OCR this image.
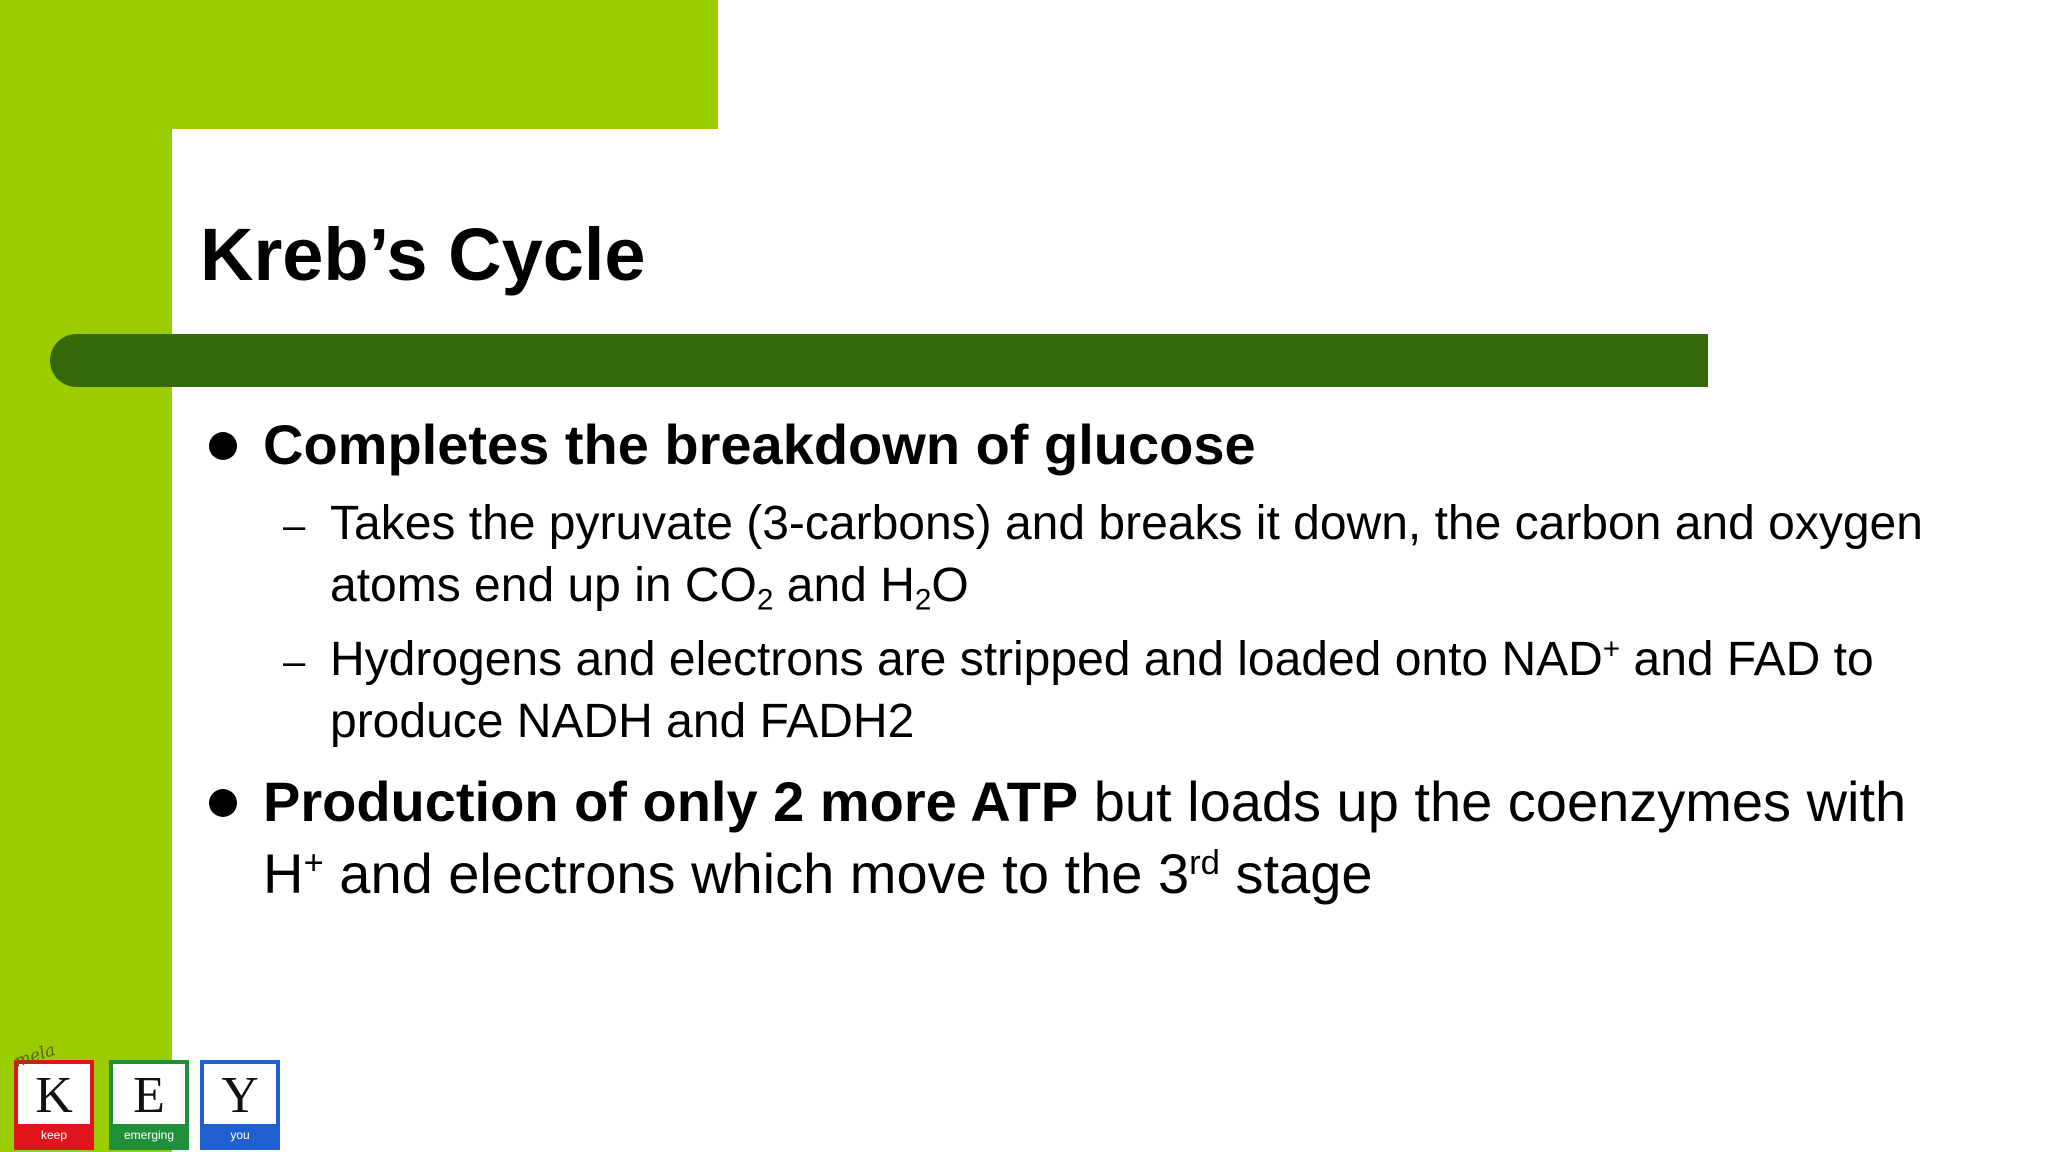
Kreb’s Cycle

Completes the breakdown of glucose

– Takes the pyruvate (3-carbons) and breaks it down, the carbon and oxygen

atoms end up in $CO_2$ and $H_2O$

– Hydrogens and electrons are stripped and loaded onto NAD+ and FAD to

produce NADH and FADH2

Production of only 2 more ATP but loads up the coenzymes with

H+ and electrons which move to the 3rd stage

K
keep
E
emerging
Y
you
mela
